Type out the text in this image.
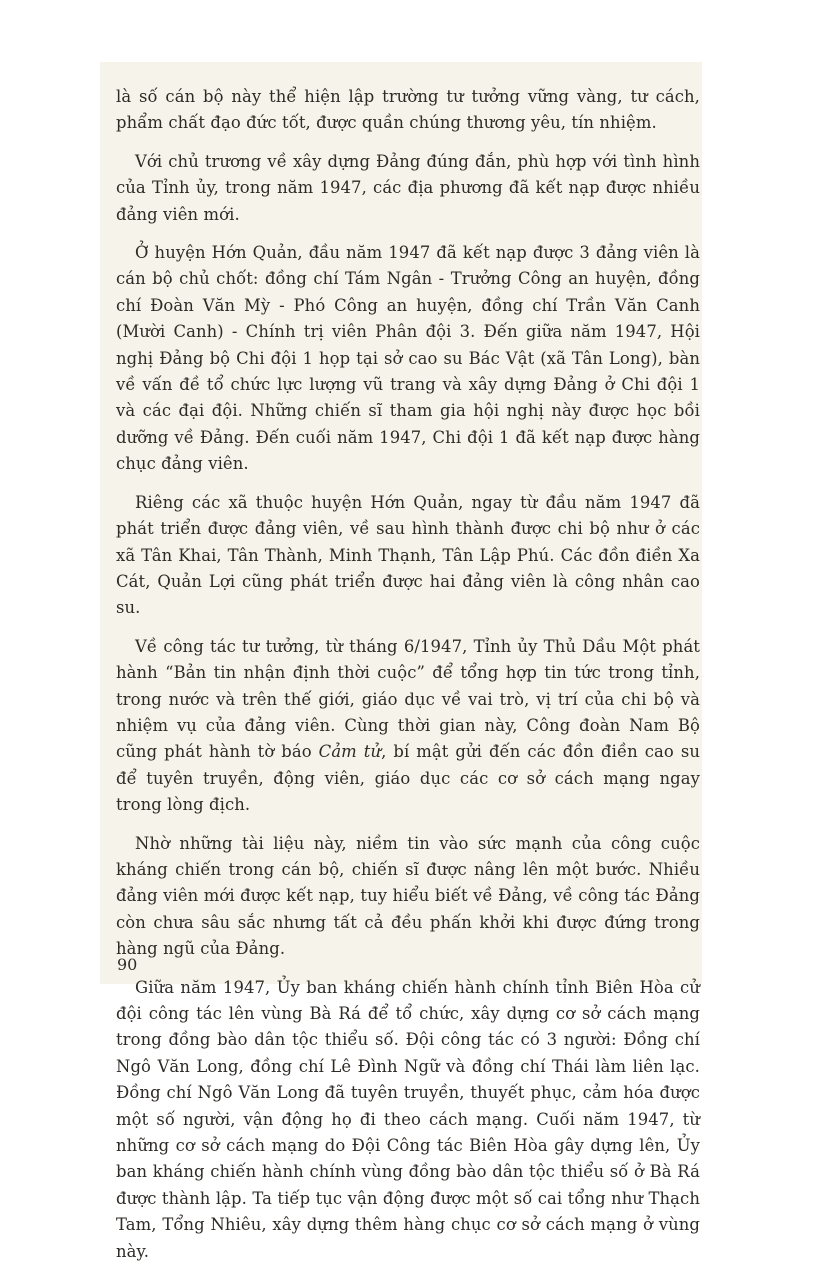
là số cán bộ này thể hiện lập trường tư tưởng vững vàng, tư cách, phẩm chất đạo đức tốt, được quần chúng thương yêu, tín nhiệm.

Với chủ trương về xây dựng Đảng đúng đắn, phù hợp với tình hình của Tỉnh ủy, trong năm 1947, các địa phương đã kết nạp được nhiều đảng viên mới.

Ở huyện Hớn Quản, đầu năm 1947 đã kết nạp được 3 đảng viên là cán bộ chủ chốt: đồng chí Tám Ngân - Trưởng Công an huyện, đồng chí Đoàn Văn Mỳ - Phó Công an huyện, đồng chí Trần Văn Canh (Mười Canh) - Chính trị viên Phân đội 3. Đến giữa năm 1947, Hội nghị Đảng bộ Chi đội 1 họp tại sở cao su Bác Vật (xã Tân Long), bàn về vấn đề tổ chức lực lượng vũ trang và xây dựng Đảng ở Chi đội 1 và các đại đội. Những chiến sĩ tham gia hội nghị này được học bồi dưỡng về Đảng. Đến cuối năm 1947, Chi đội 1 đã kết nạp được hàng chục đảng viên.

Riêng các xã thuộc huyện Hớn Quản, ngay từ đầu năm 1947 đã phát triển được đảng viên, về sau hình thành được chi bộ như ở các xã Tân Khai, Tân Thành, Minh Thạnh, Tân Lập Phú. Các đồn điền Xa Cát, Quản Lợi cũng phát triển được hai đảng viên là công nhân cao su.

Về công tác tư tưởng, từ tháng 6/1947, Tỉnh ủy Thủ Dầu Một phát hành “Bản tin nhận định thời cuộc” để tổng hợp tin tức trong tỉnh, trong nước và trên thế giới, giáo dục về vai trò, vị trí của chi bộ và nhiệm vụ của đảng viên. Cùng thời gian này, Công đoàn Nam Bộ cũng phát hành tờ báo Cảm tử, bí mật gửi đến các đồn điền cao su để tuyên truyền, động viên, giáo dục các cơ sở cách mạng ngay trong lòng địch.

Nhờ những tài liệu này, niềm tin vào sức mạnh của công cuộc kháng chiến trong cán bộ, chiến sĩ được nâng lên một bước. Nhiều đảng viên mới được kết nạp, tuy hiểu biết về Đảng, về công tác Đảng còn chưa sâu sắc nhưng tất cả đều phấn khởi khi được đứng trong hàng ngũ của Đảng.

Giữa năm 1947, Ủy ban kháng chiến hành chính tỉnh Biên Hòa cử đội công tác lên vùng Bà Rá để tổ chức, xây dựng cơ sở cách mạng trong đồng bào dân tộc thiểu số. Đội công tác có 3 người: Đồng chí Ngô Văn Long, đồng chí Lê Đình Ngữ và đồng chí Thái làm liên lạc. Đồng chí Ngô Văn Long đã tuyên truyền, thuyết phục, cảm hóa được một số người, vận động họ đi theo cách mạng. Cuối năm 1947, từ những cơ sở cách mạng do Đội Công tác Biên Hòa gây dựng lên, Ủy ban kháng chiến hành chính vùng đồng bào dân tộc thiểu số ở Bà Rá được thành lập. Ta tiếp tục vận động được một số cai tổng như Thạch Tam, Tổng Nhiêu, xây dựng thêm hàng chục cơ sở cách mạng ở vùng này.

90
